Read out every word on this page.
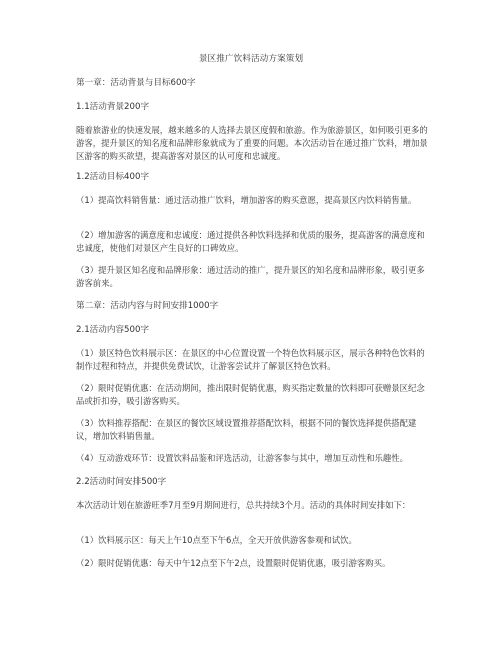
景区推广饮料活动方案策划

第一章：活动背景与目标600字

1.1活动背景200字

随着旅游业的快速发展，越来越多的人选择去景区度假和旅游。作为旅游景区，如何吸引更多的游客，提升景区的知名度和品牌形象就成为了重要的问题。本次活动旨在通过推广饮料，增加景区游客的购买欲望，提高游客对景区的认可度和忠诚度。

1.2活动目标400字

（1）提高饮料销售量：通过活动推广饮料，增加游客的购买意愿，提高景区内饮料销售量。

（2）增加游客的满意度和忠诚度：通过提供各种饮料选择和优质的服务，提高游客的满意度和忠诚度，使他们对景区产生良好的口碑效应。

（3）提升景区知名度和品牌形象：通过活动的推广，提升景区的知名度和品牌形象，吸引更多游客前来。

第二章：活动内容与时间安排1000字

2.1活动内容500字

（1）景区特色饮料展示区：在景区的中心位置设置一个特色饮料展示区，展示各种特色饮料的制作过程和特点，并提供免费试饮，让游客尝试并了解景区特色饮料。

（2）限时促销优惠：在活动期间，推出限时促销优惠，购买指定数量的饮料即可获赠景区纪念品或折扣券，吸引游客购买。

（3）饮料推荐搭配：在景区的餐饮区域设置推荐搭配饮料，根据不同的餐饮选择提供搭配建议，增加饮料销售量。

（4）互动游戏环节：设置饮料品鉴和评选活动，让游客参与其中，增加互动性和乐趣性。

2.2活动时间安排500字

本次活动计划在旅游旺季7月至9月期间进行，总共持续3个月。活动的具体时间安排如下：

（1）饮料展示区：每天上午10点至下午6点，全天开放供游客参观和试饮。

（2）限时促销优惠：每天中午12点至下午2点，设置限时促销优惠，吸引游客购买。
